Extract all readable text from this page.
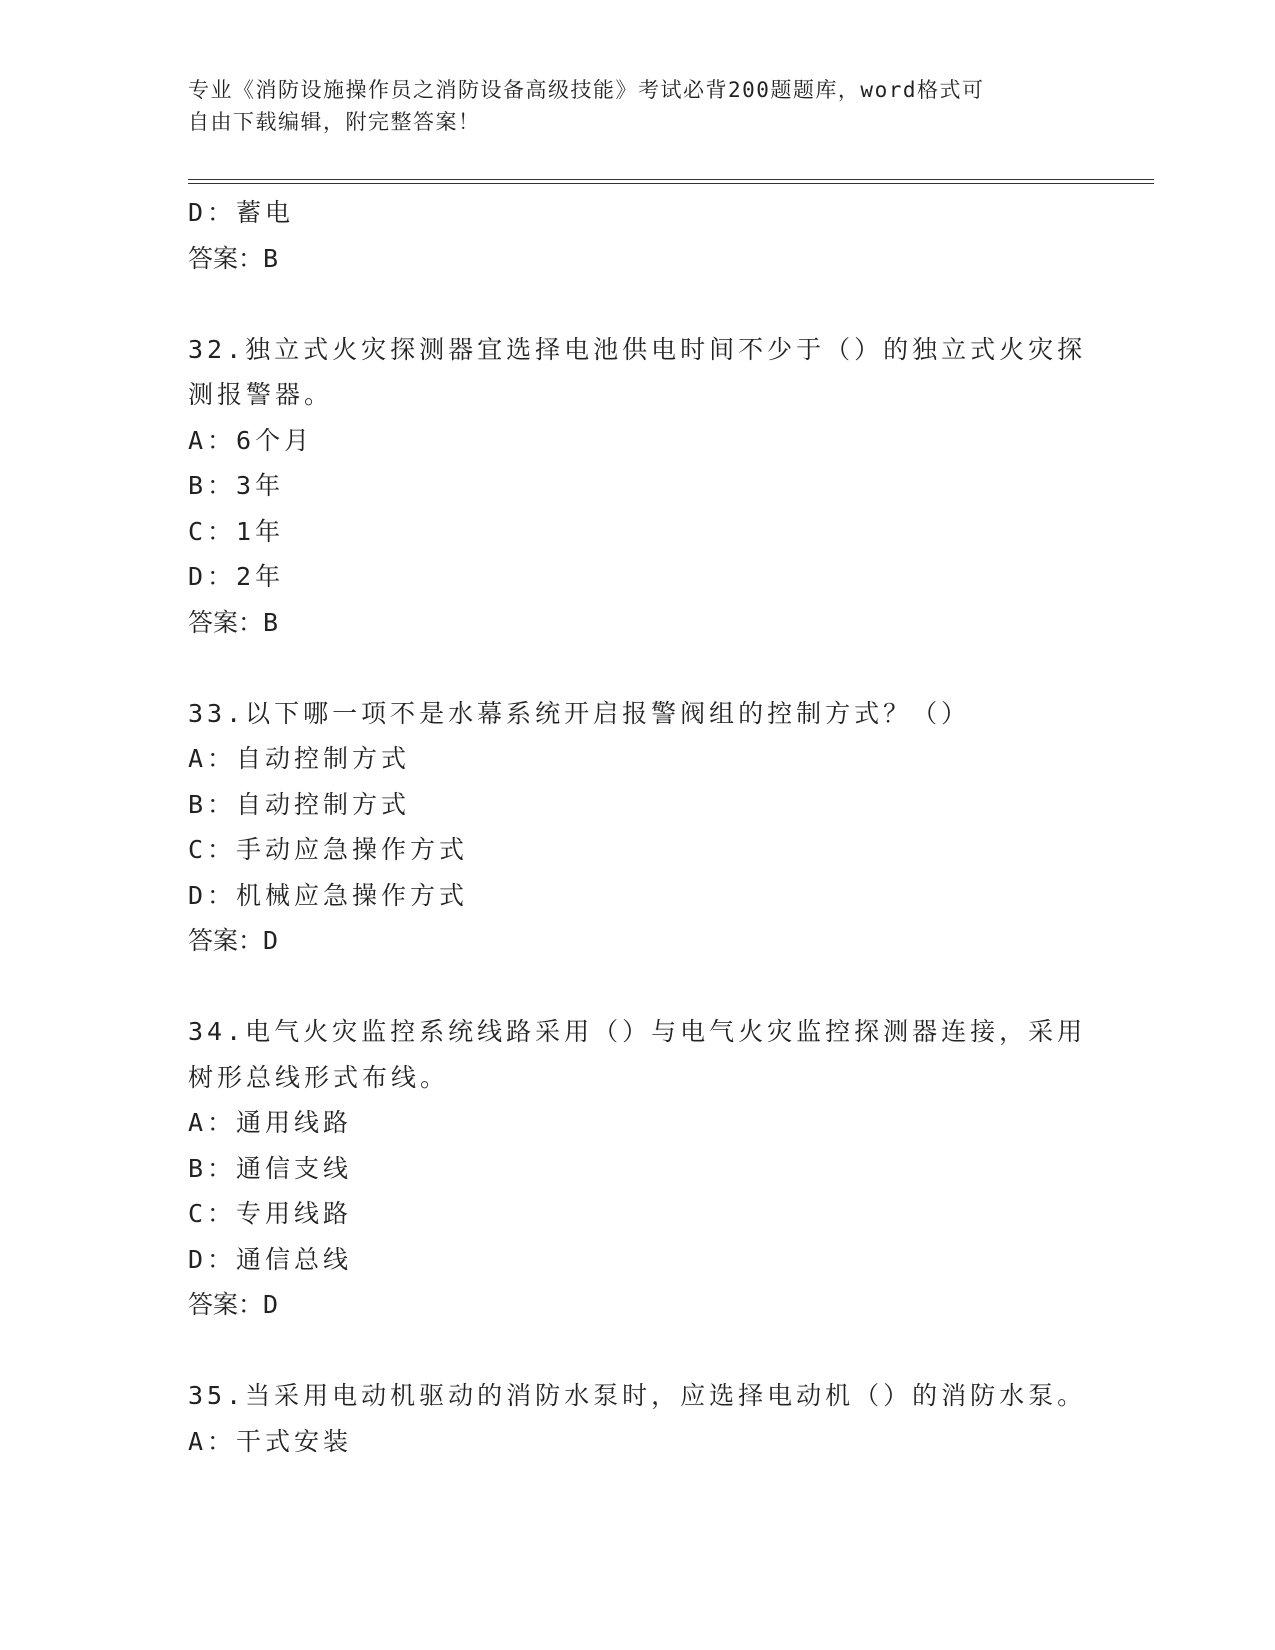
专业《消防设施操作员之消防设备高级技能》考试必背200题题库，word格式可
自由下载编辑，附完整答案！
D：蓄电
答案：B
32.独立式火灾探测器宜选择电池供电时间不少于（）的独立式火灾探
测报警器。
A：6个月
B：3年
C：1年
D：2年
答案：B
33.以下哪一项不是水幕系统开启报警阀组的控制方式？（）
A：自动控制方式
B：自动控制方式
C：手动应急操作方式
D：机械应急操作方式
答案：D
34.电气火灾监控系统线路采用（）与电气火灾监控探测器连接，采用
树形总线形式布线。
A：通用线路
B：通信支线
C：专用线路
D：通信总线
答案：D
35.当采用电动机驱动的消防水泵时，应选择电动机（）的消防水泵。
A：干式安装
